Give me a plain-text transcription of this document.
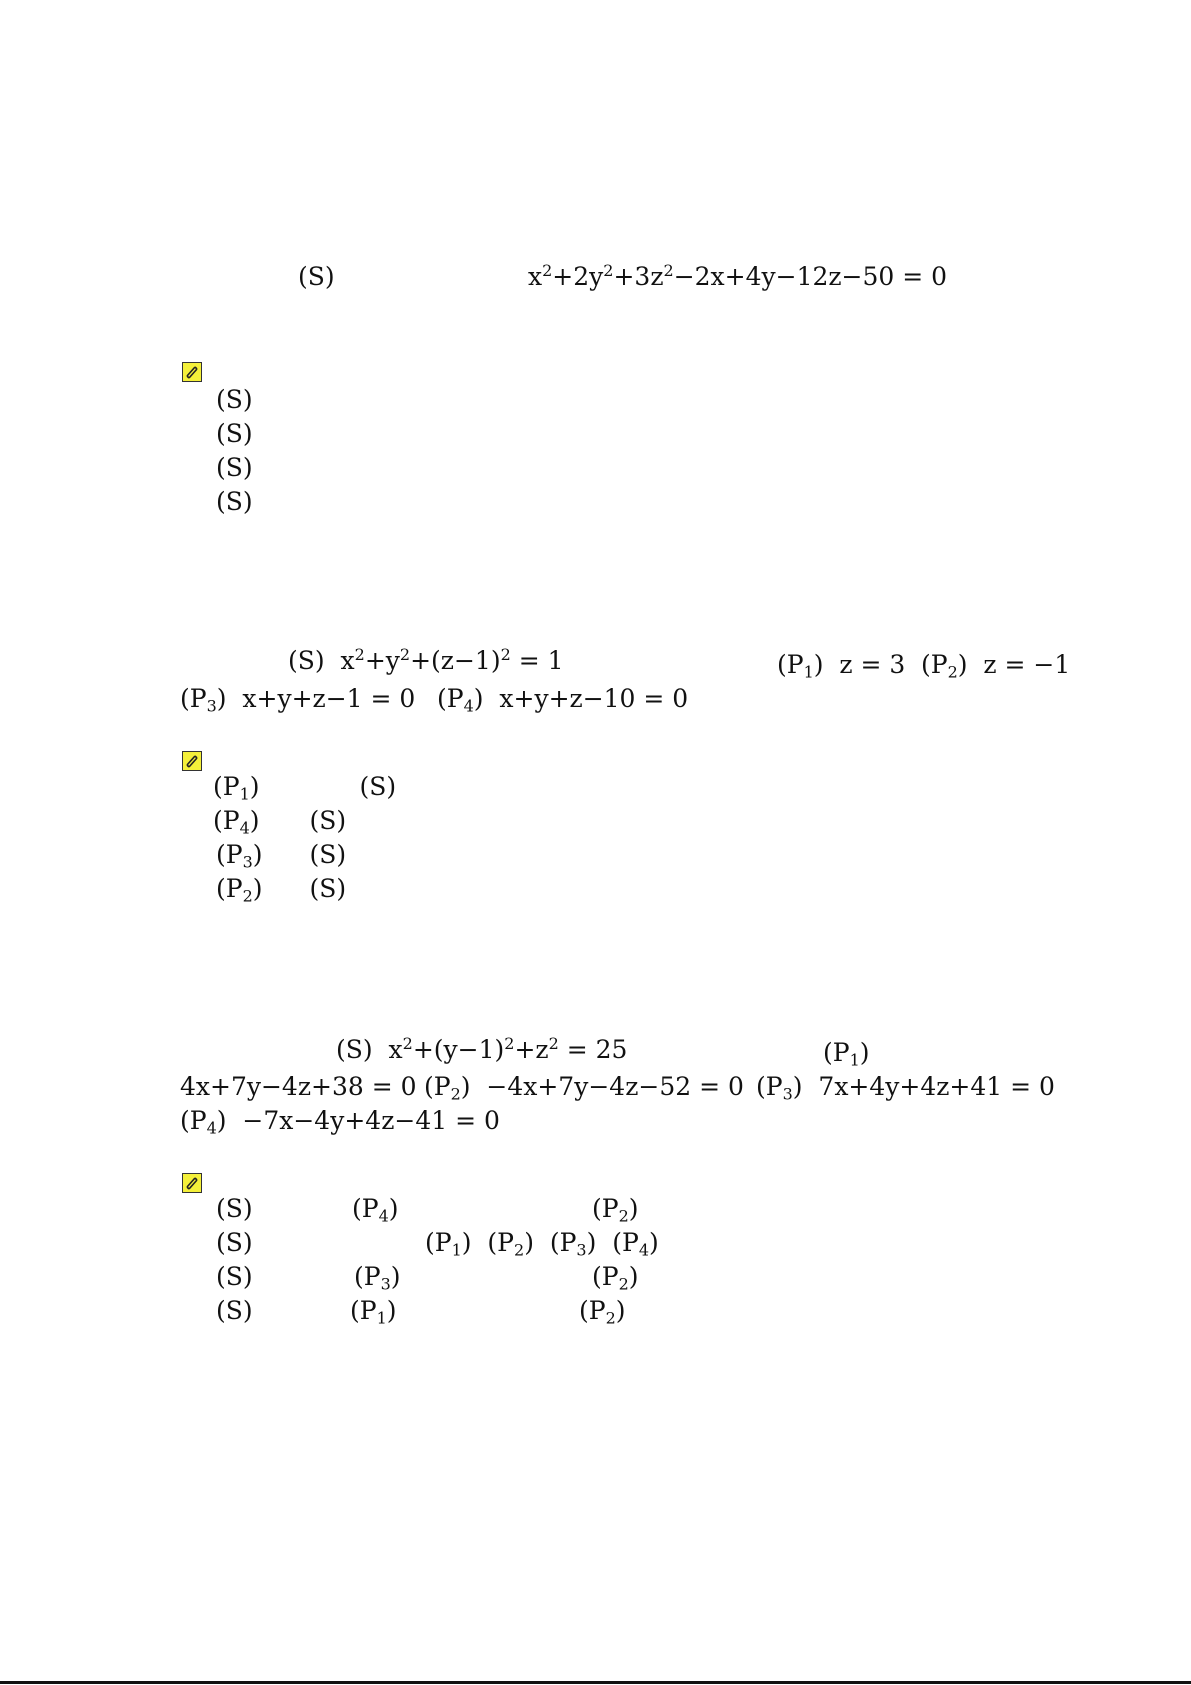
(S)	$x^2+2y^2+3z^2-2x+4y-12z-50 = 0$
(S)
(S)
(S)
(S)
(S)  $x^2+y^2+(z-1)^2 = 1$	$(P_1) z = 3$ $(P_2) z = -1$
$(P_3) x+y+z-1 = 0$ $(P_4) x+y+z-10 = 0$
$(P_1)$	(S)
$(P_4)$ (S)
$(P_3)$ (S)
$(P_2)$ (S)
(S)  $x^2+(y-1)^2+z^2 = 25$	$(P_1)$
4x+7y−4z+38 = 0 $(P_2) -4x+7y-4z-52 = 0$ $(P_3) 7x+4y+4z+41 = 0$
$(P_4) -7x-4y+4z-41 = 0$
(S)	$(P_4)$	$(P_2)$
(S)	$(P_1)$  $(P_2)$  $(P_3)$  $(P_4)$
(S)	$(P_3)$	$(P_2)$
(S)	$(P_1)$	$(P_2)$
